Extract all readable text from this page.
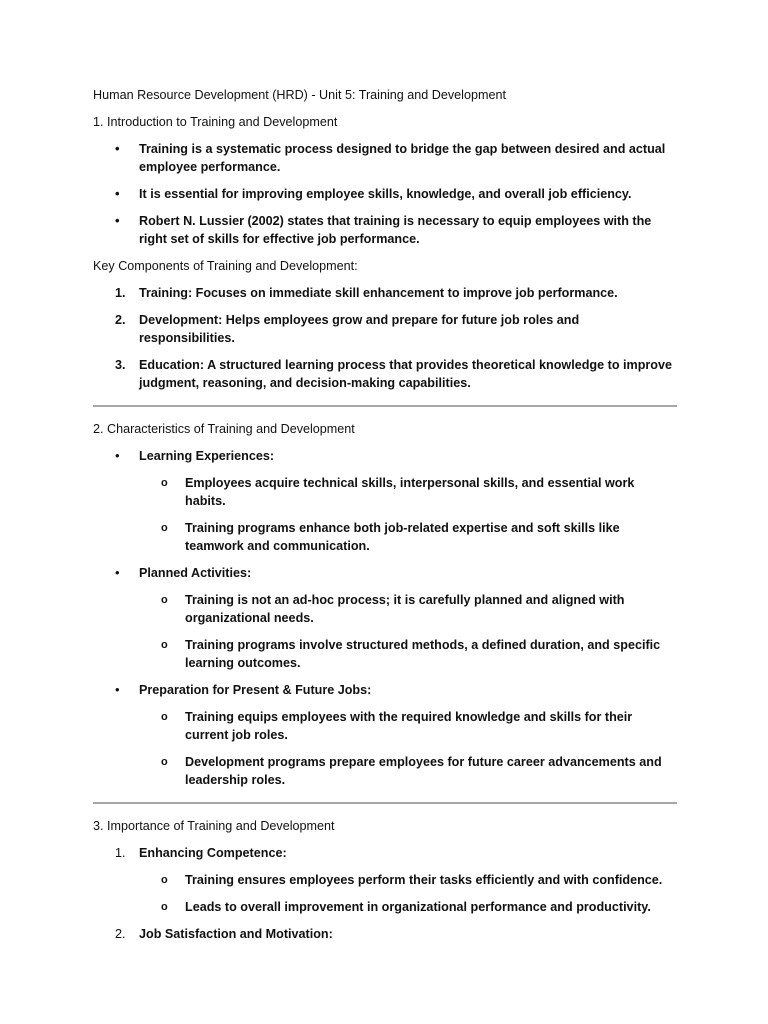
Human Resource Development (HRD) - Unit 5: Training and Development

1. Introduction to Training and Development

•	Training is a systematic process designed to bridge the gap between desired and actual employee performance.
•	It is essential for improving employee skills, knowledge, and overall job efficiency.
•	Robert N. Lussier (2002) states that training is necessary to equip employees with the right set of skills for effective job performance.

Key Components of Training and Development:

1.	Training: Focuses on immediate skill enhancement to improve job performance.
2.	Development: Helps employees grow and prepare for future job roles and responsibilities.
3.	Education: A structured learning process that provides theoretical knowledge to improve judgment, reasoning, and decision-making capabilities.

2. Characteristics of Training and Development

•	Learning Experiences:
o	Employees acquire technical skills, interpersonal skills, and essential work habits.
o	Training programs enhance both job-related expertise and soft skills like teamwork and communication.
•	Planned Activities:
o	Training is not an ad-hoc process; it is carefully planned and aligned with organizational needs.
o	Training programs involve structured methods, a defined duration, and specific learning outcomes.
•	Preparation for Present & Future Jobs:
o	Training equips employees with the required knowledge and skills for their current job roles.
o	Development programs prepare employees for future career advancements and leadership roles.

3. Importance of Training and Development

1.	Enhancing Competence:
o	Training ensures employees perform their tasks efficiently and with confidence.
o	Leads to overall improvement in organizational performance and productivity.
2.	Job Satisfaction and Motivation:
